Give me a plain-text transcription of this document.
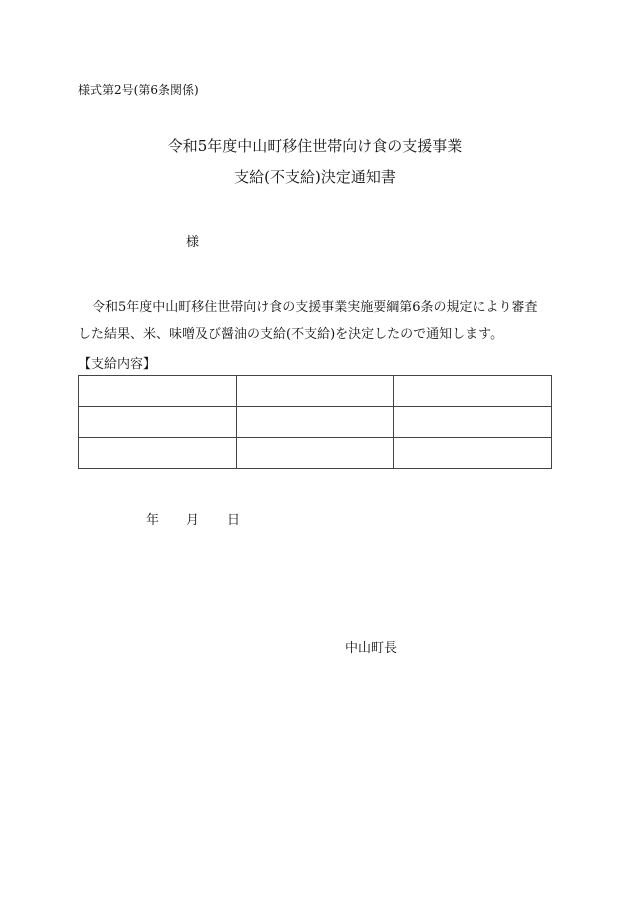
様式第2号(第6条関係)
令和5年度中山町移住世帯向け食の支援事業
支給(不支給)決定通知書
様
令和5年度中山町移住世帯向け食の支援事業実施要綱第6条の規定により審査
した結果、米、味噌及び醤油の支給(不支給)を決定したので通知します。
【支給内容】

年 月 日
中山町長
